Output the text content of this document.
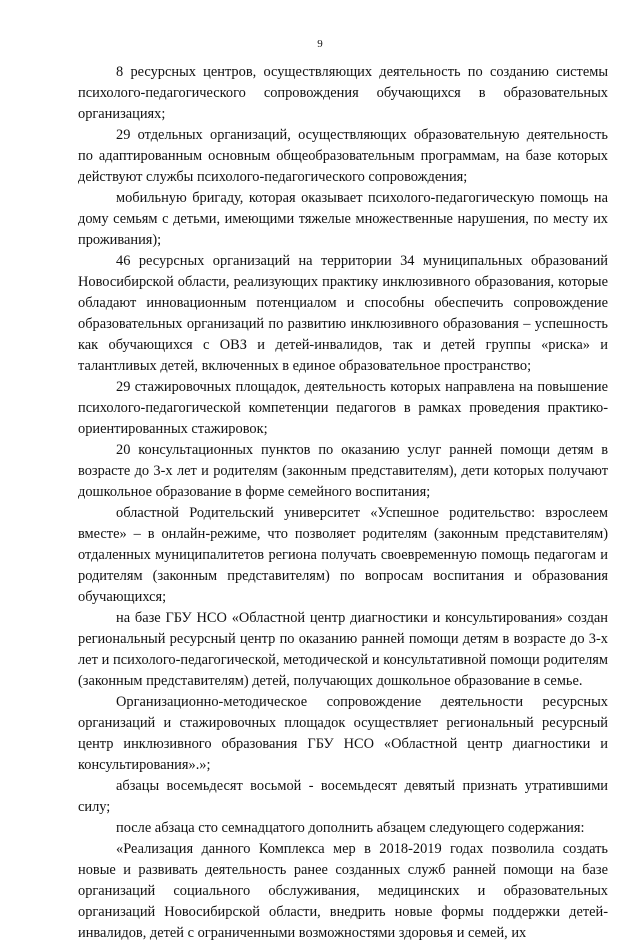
9

8 ресурсных центров, осуществляющих деятельность по созданию системы психолого-педагогического сопровождения обучающихся в образовательных организациях;

29 отдельных организаций, осуществляющих образовательную деятельность по адаптированным основным общеобразовательным программам, на базе которых действуют службы психолого-педагогического сопровождения;

мобильную бригаду, которая оказывает психолого-педагогическую помощь на дому семьям с детьми, имеющими тяжелые множественные нарушения, по месту их проживания);

46 ресурсных организаций на территории 34 муниципальных образований Новосибирской области, реализующих практику инклюзивного образования, которые обладают инновационным потенциалом и способны обеспечить сопровождение образовательных организаций по развитию инклюзивного образования – успешность как обучающихся с ОВЗ и детей-инвалидов, так и детей группы «риска» и талантливых детей, включенных в единое образовательное пространство;

29 стажировочных площадок, деятельность которых направлена на повышение психолого-педагогической компетенции педагогов в рамках проведения практико-ориентированных стажировок;

20 консультационных пунктов по оказанию услуг ранней помощи детям в возрасте до 3-х лет и родителям (законным представителям), дети которых получают дошкольное образование в форме семейного воспитания;

областной Родительский университет «Успешное родительство: взрослеем вместе» – в онлайн-режиме, что позволяет родителям (законным представителям) отдаленных муниципалитетов региона получать своевременную помощь педагогам и родителям (законным представителям) по вопросам воспитания и образования обучающихся;

на базе ГБУ НСО «Областной центр диагностики и консультирования» создан региональный ресурсный центр по оказанию ранней помощи детям в возрасте до 3-х лет и психолого-педагогической, методической и консультативной помощи родителям (законным представителям) детей, получающих дошкольное образование в семье.

Организационно-методическое сопровождение деятельности ресурсных организаций и стажировочных площадок осуществляет региональный ресурсный центр инклюзивного образования ГБУ НСО «Областной центр диагностики и консультирования».»;

абзацы восемьдесят восьмой - восемьдесят девятый признать утратившими силу;

после абзаца сто семнадцатого дополнить абзацем следующего содержания:

«Реализация данного Комплекса мер в 2018-2019 годах позволила создать новые и развивать деятельность ранее созданных служб ранней помощи на базе организаций социального обслуживания, медицинских и образовательных организаций Новосибирской области, внедрить новые формы поддержки детей-инвалидов, детей с ограниченными возможностями здоровья и семей, их
